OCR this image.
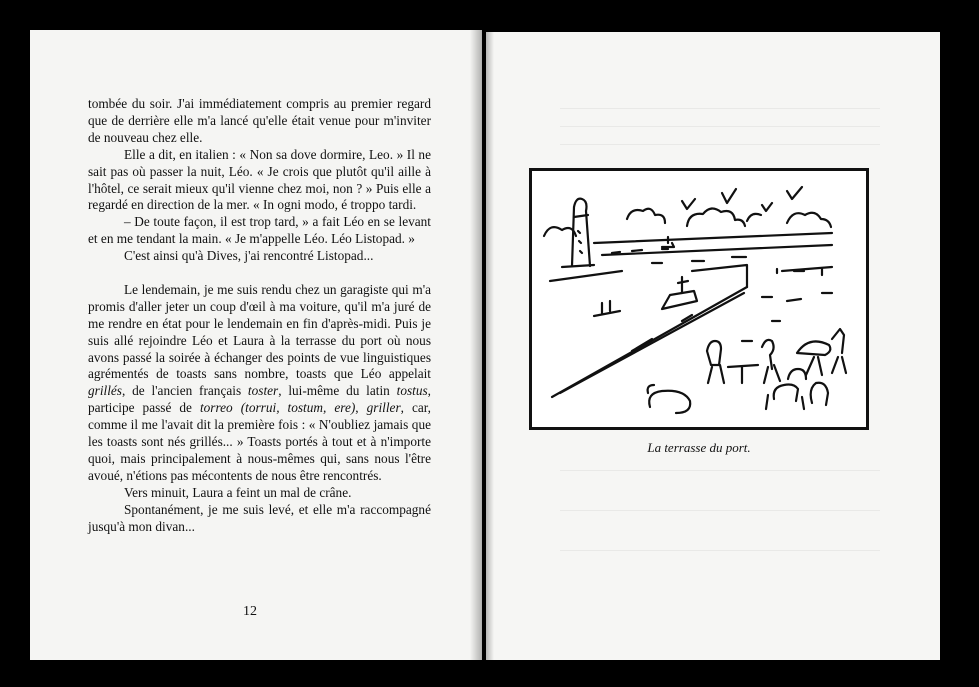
tombée du soir. J'ai immédiatement compris au premier regard que de derrière elle m'a lancé qu'elle était venue pour m'inviter de nouveau chez elle.

Elle a dit, en italien : « Non sa dove dormire, Leo. » Il ne sait pas où passer la nuit, Léo. « Je crois que plutôt qu'il aille à l'hôtel, ce serait mieux qu'il vienne chez moi, non ? » Puis elle a regardé en direction de la mer. « In ogni modo, é troppo tardi.

– De toute façon, il est trop tard, » a fait Léo en se levant et en me tendant la main. « Je m'appelle Léo. Léo Listopad. »

C'est ainsi qu'à Dives, j'ai rencontré Listopad...

Le lendemain, je me suis rendu chez un garagiste qui m'a promis d'aller jeter un coup d'œil à ma voiture, qu'il m'a juré de me rendre en état pour le lendemain en fin d'après-midi. Puis je suis allé rejoindre Léo et Laura à la terrasse du port où nous avons passé la soirée à échanger des points de vue linguistiques agrémentés de toasts sans nombre, toasts que Léo appelait grillés, de l'ancien français toster, lui-même du latin tostus, participe passé de torreo (torrui, tostum, ere), griller, car, comme il me l'avait dit la première fois : « N'oubliez jamais que les toasts sont nés grillés... » Toasts portés à tout et à n'importe quoi, mais principalement à nous-mêmes qui, sans nous l'être avoué, n'étions pas mécontents de nous être rencontrés.

Vers minuit, Laura a feint un mal de crâne.

Spontanément, je me suis levé, et elle m'a raccompagné jusqu'à mon divan...

12
La terrasse du port.
